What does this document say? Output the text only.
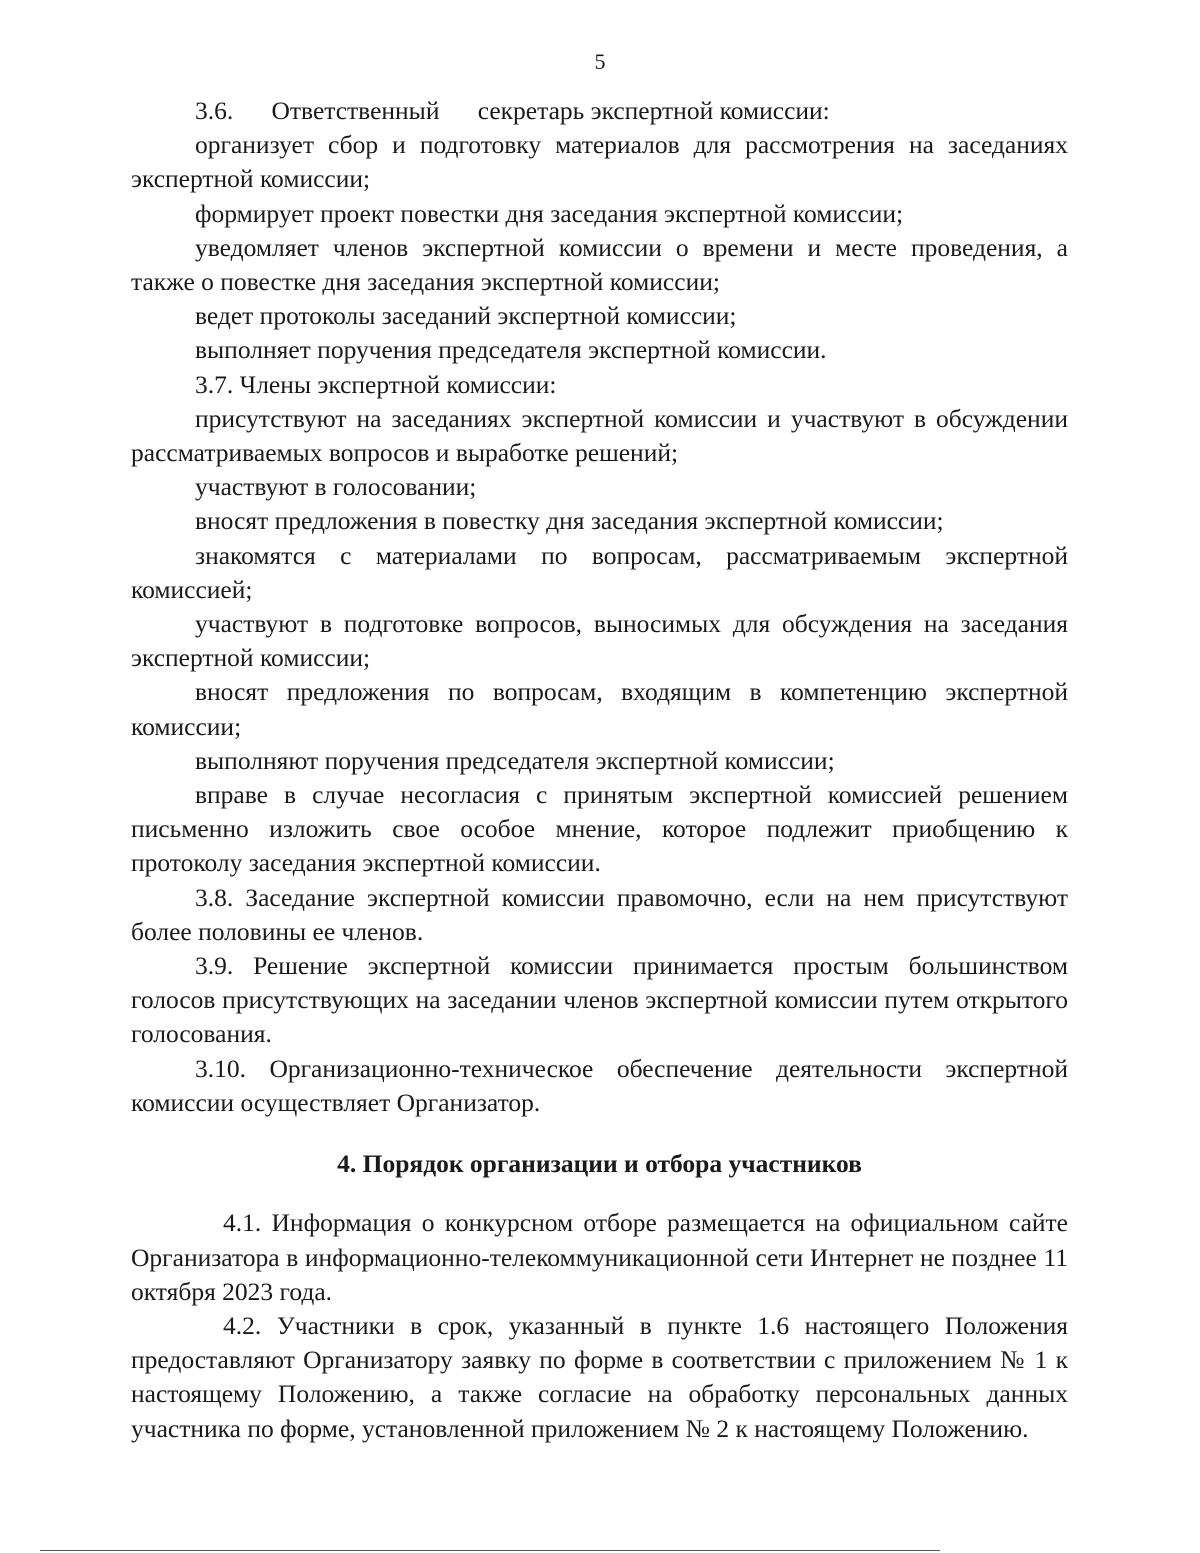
5

3.6.      Ответственный      секретарь экспертной комиссии:

организует сбор и подготовку материалов для рассмотрения на заседаниях экспертной комиссии;

формирует проект повестки дня заседания экспертной комиссии;

уведомляет членов экспертной комиссии о времени и месте проведения, а также о повестке дня заседания экспертной комиссии;

ведет протоколы заседаний экспертной комиссии;

выполняет поручения председателя экспертной комиссии.

3.7. Члены экспертной комиссии:

присутствуют на заседаниях экспертной комиссии и участвуют в обсуждении рассматриваемых вопросов и выработке решений;

участвуют в голосовании;

вносят предложения в повестку дня заседания экспертной комиссии;

знакомятся с материалами по вопросам, рассматриваемым экспертной комиссией;

участвуют в подготовке вопросов, выносимых для обсуждения на заседания экспертной комиссии;

вносят предложения по вопросам, входящим в компетенцию экспертной комиссии;

выполняют поручения председателя экспертной комиссии;

вправе в случае несогласия с принятым экспертной комиссией решением письменно изложить свое особое мнение, которое подлежит приобщению к протоколу заседания экспертной комиссии.

3.8. Заседание экспертной комиссии правомочно, если на нем присутствуют более половины ее членов.

3.9. Решение экспертной комиссии принимается простым большинством голосов присутствующих на заседании членов экспертной комиссии путем открытого голосования.

3.10. Организационно-техническое обеспечение деятельности экспертной комиссии осуществляет Организатор.

4. Порядок организации и отбора участников

4.1. Информация о конкурсном отборе размещается на официальном сайте Организатора в информационно-телекоммуникационной сети Интернет не позднее 11 октября 2023 года.

4.2. Участники в срок, указанный в пункте 1.6 настоящего Положения предоставляют Организатору заявку по форме в соответствии с приложением № 1 к настоящему Положению, а также согласие на обработку персональных данных участника по форме, установленной приложением № 2 к настоящему Положению.
